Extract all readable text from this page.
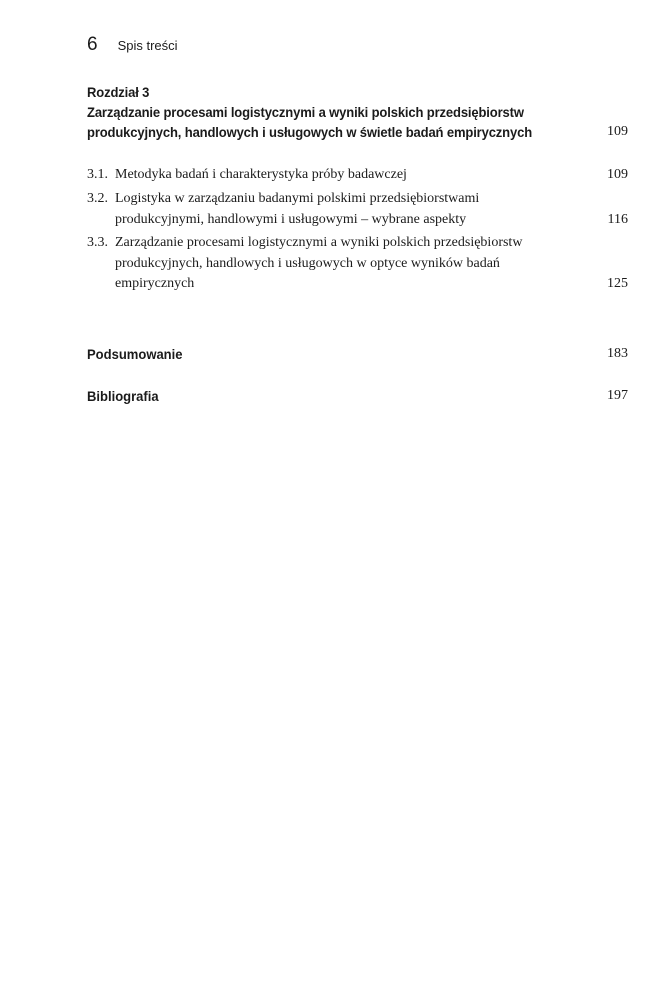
6 Spis treści
Rozdział 3
Zarządzanie procesami logistycznymi a wyniki polskich przedsiębiorstw produkcyjnych, handlowych i usługowych w świetle badań empirycznych	109
3.1. Metodyka badań i charakterystyka próby badawczej	109
3.2. Logistyka w zarządzaniu badanymi polskimi przedsiębiorstwami produkcyjnymi, handlowymi i usługowymi – wybrane aspekty	116
3.3. Zarządzanie procesami logistycznymi a wyniki polskich przedsiębiorstw produkcyjnych, handlowych i usługowych w optyce wyników badań empirycznych	125
Podsumowanie	183
Bibliografia	197
